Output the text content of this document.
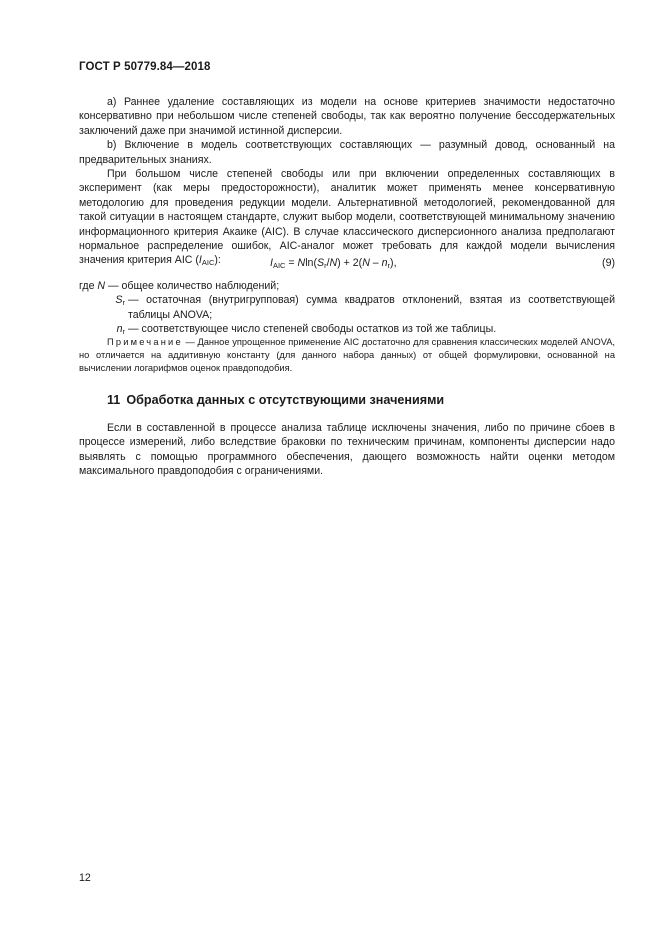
ГОСТ Р 50779.84—2018

a) Раннее удаление составляющих из модели на основе критериев значимости недостаточно консервативно при небольшом числе степеней свободы, так как вероятно получение бессодержательных заключений даже при значимой истинной дисперсии.

b) Включение в модель соответствующих составляющих — разумный довод, основанный на предварительных знаниях.

При большом числе степеней свободы или при включении определенных составляющих в эксперимент (как меры предосторожности), аналитик может применять менее консервативную методологию для проведения редукции модели. Альтернативной методологией, рекомендованной для такой ситуации в настоящем стандарте, служит выбор модели, соответствующей минимальному значению информационного критерия Акаике (AIC). В случае классического дисперсионного анализа предполагают нормальное распределение ошибок, AIC-аналог может требовать для каждой модели вычисления значения критерия AIC $(I_{AIC})$:	$I_{AIC} = Nln(S_r/N) + 2(N - n_r)$,	(9)
где N — общее количество наблюдений;
$S_r$ — остаточная (внутригрупповая) сумма квадратов отклонений, взятая из соответствующей таблицы ANOVA;
$n_r$ — соответствующее число степеней свободы остатков из той же таблицы.
Примечание — Данное упрощенное применение AIC достаточно для сравнения классических моделей ANOVA, но отличается на аддитивную константу (для данного набора данных) от общей формулировки, основанной на вычислении логарифмов оценок правдоподобия.
11 Обработка данных с отсутствующими значениями

Если в составленной в процессе анализа таблице исключены значения, либо по причине сбоев в процессе измерений, либо вследствие браковки по техническим причинам, компоненты дисперсии надо выявлять с помощью программного обеспечения, дающего возможность найти оценки методом максимального правдоподобия с ограничениями.

12
